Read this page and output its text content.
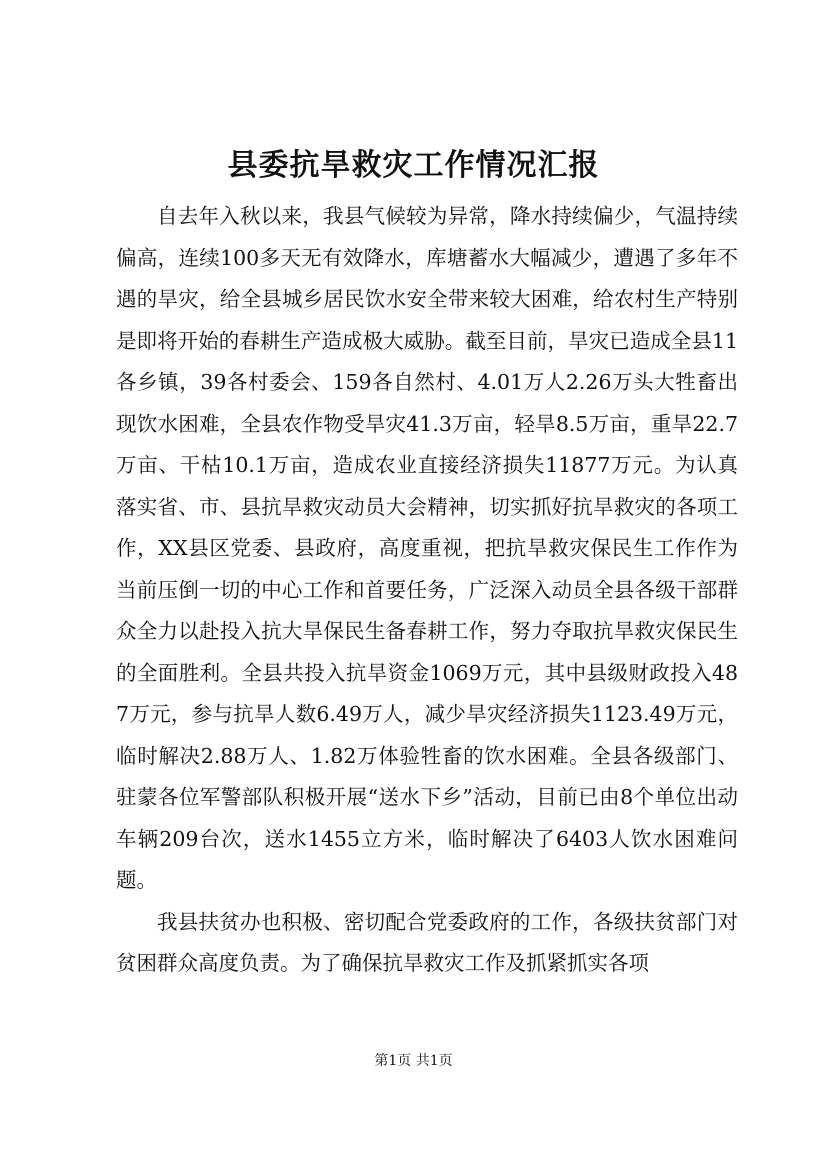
县委抗旱救灾工作情况汇报

自去年入秋以来，我县气候较为异常，降水持续偏少，气温持续偏高，连续100多天无有效降水，库塘蓄水大幅减少，遭遇了多年不遇的旱灾，给全县城乡居民饮水安全带来较大困难，给农村生产特别是即将开始的春耕生产造成极大威胁。截至目前，旱灾已造成全县11各乡镇，39各村委会、159各自然村、4.01万人2.26万头大牲畜出现饮水困难，全县农作物受旱灾41.3万亩，轻旱8.5万亩，重旱22.7万亩、干枯10.1万亩，造成农业直接经济损失11877万元。为认真落实省、市、县抗旱救灾动员大会精神，切实抓好抗旱救灾的各项工作，XX县区党委、县政府，高度重视，把抗旱救灾保民生工作作为当前压倒一切的中心工作和首要任务，广泛深入动员全县各级干部群众全力以赴投入抗大旱保民生备春耕工作，努力夺取抗旱救灾保民生的全面胜利。全县共投入抗旱资金1069万元，其中县级财政投入487万元，参与抗旱人数6.49万人，减少旱灾经济损失1123.49万元，临时解决2.88万人、1.82万体验牲畜的饮水困难。全县各级部门、驻蒙各位军警部队积极开展“送水下乡”活动，目前已由8个单位出动车辆209台次，送水1455立方米，临时解决了6403人饮水困难问题。

我县扶贫办也积极、密切配合党委政府的工作，各级扶贫部门对贫困群众高度负责。为了确保抗旱救灾工作及抓紧抓实各项

第1页 共1页
